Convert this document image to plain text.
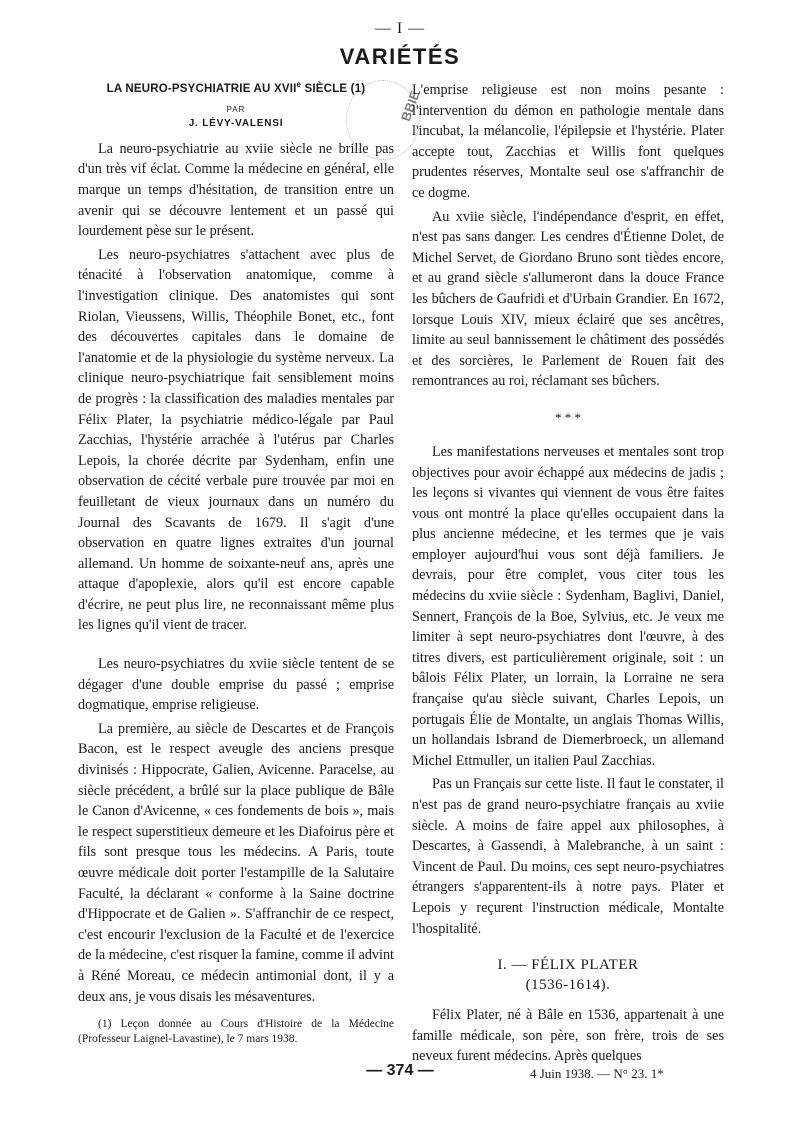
— I —
VARIÉTÉS
BBIE
LA NEURO-PSYCHIATRIE AU XVIIe SIÈCLE (1)
PAR
J. LÉVY-VALENSI

La neuro-psychiatrie au xviie siècle ne brille pas d'un très vif éclat. Comme la médecine en général, elle marque un temps d'hésitation, de transition entre un avenir qui se découvre lentement et un passé qui lourdement pèse sur le présent.

Les neuro-psychiatres s'attachent avec plus de ténacité à l'observation anatomique, comme à l'investigation clinique. Des anatomistes qui sont Riolan, Vieussens, Willis, Théophile Bonet, etc., font des découvertes capitales dans le domaine de l'anatomie et de la physiologie du système nerveux. La clinique neuro-psychiatrique fait sensiblement moins de progrès : la classification des maladies mentales par Félix Plater, la psychiatrie médico-légale par Paul Zacchias, l'hystérie arrachée à l'utérus par Charles Lepois, la chorée décrite par Sydenham, enfin une observation de cécité verbale pure trouvée par moi en feuilletant de vieux journaux dans un numéro du Journal des Scavants de 1679. Il s'agit d'une observation en quatre lignes extraites d'un journal allemand. Un homme de soixante-neuf ans, après une attaque d'apoplexie, alors qu'il est encore capable d'écrire, ne peut plus lire, ne reconnaissant même plus les lignes qu'il vient de tracer.

Les neuro-psychiatres du xviie siècle tentent de se dégager d'une double emprise du passé ; emprise dogmatique, emprise religieuse.

La première, au siècle de Descartes et de François Bacon, est le respect aveugle des anciens presque divinisés : Hippocrate, Galien, Avicenne. Paracelse, au siècle précédent, a brûlé sur la place publique de Bâle le Canon d'Avicenne, « ces fondements de bois », mais le respect superstitieux demeure et les Diafoirus père et fils sont presque tous les médecins. A Paris, toute œuvre médicale doit porter l'estampille de la Salutaire Faculté, la déclarant « conforme à la Saine doctrine d'Hippocrate et de Galien ». S'affranchir de ce respect, c'est encourir l'exclusion de la Faculté et de l'exercice de la médecine, c'est risquer la famine, comme il advint à Réné Moreau, ce médecin antimonial dont, il y a deux ans, je vous disais les mésaventures.

(1) Leçon donnée au Cours d'Histoire de la Médecine (Professeur Laignel-Lavastine), le 7 mars 1938.

L'emprise religieuse est non moins pesante : l'intervention du démon en pathologie mentale dans l'incubat, la mélancolie, l'épilepsie et l'hystérie. Plater accepte tout, Zacchias et Willis font quelques prudentes réserves, Montalte seul ose s'affranchir de ce dogme.

Au xviie siècle, l'indépendance d'esprit, en effet, n'est pas sans danger. Les cendres d'Étienne Dolet, de Michel Servet, de Giordano Bruno sont tièdes encore, et au grand siècle s'allumeront dans la douce France les bûchers de Gaufridi et d'Urbain Grandier. En 1672, lorsque Louis XIV, mieux éclairé que ses ancêtres, limite au seul bannissement le châtiment des possédés et des sorcières, le Parlement de Rouen fait des remontrances au roi, réclamant ses bûchers.

* * *

Les manifestations nerveuses et mentales sont trop objectives pour avoir échappé aux médecins de jadis ; les leçons si vivantes qui viennent de vous être faites vous ont montré la place qu'elles occupaient dans la plus ancienne médecine, et les termes que je vais employer aujourd'hui vous sont déjà familiers. Je devrais, pour être complet, vous citer tous les médecins du xviie siècle : Sydenham, Baglivi, Daniel, Sennert, François de la Boe, Sylvius, etc. Je veux me limiter à sept neuro-psychiatres dont l'œuvre, à des titres divers, est particulièrement originale, soit : un bâlois Félix Plater, un lorrain, la Lorraine ne sera française qu'au siècle suivant, Charles Lepois, un portugais Élie de Montalte, un anglais Thomas Willis, un hollandais Isbrand de Diemerbroeck, un allemand Michel Ettmuller, un italien Paul Zacchias.

Pas un Français sur cette liste. Il faut le constater, il n'est pas de grand neuro-psychiatre français au xviie siècle. A moins de faire appel aux philosophes, à Descartes, à Gassendi, à Malebranche, à un saint : Vincent de Paul. Du moins, ces sept neuro-psychiatres étrangers s'apparentent-ils à notre pays. Plater et Lepois y reçurent l'instruction médicale, Montalte l'hospitalité.

I. — FÉLIX PLATER
(1536-1614).

Félix Plater, né à Bâle en 1536, appartenait à une famille médicale, son père, son frère, trois de ses neveux furent médecins. Après quelques

— 374 —	4 Juin 1938. — N° 23. 1*
